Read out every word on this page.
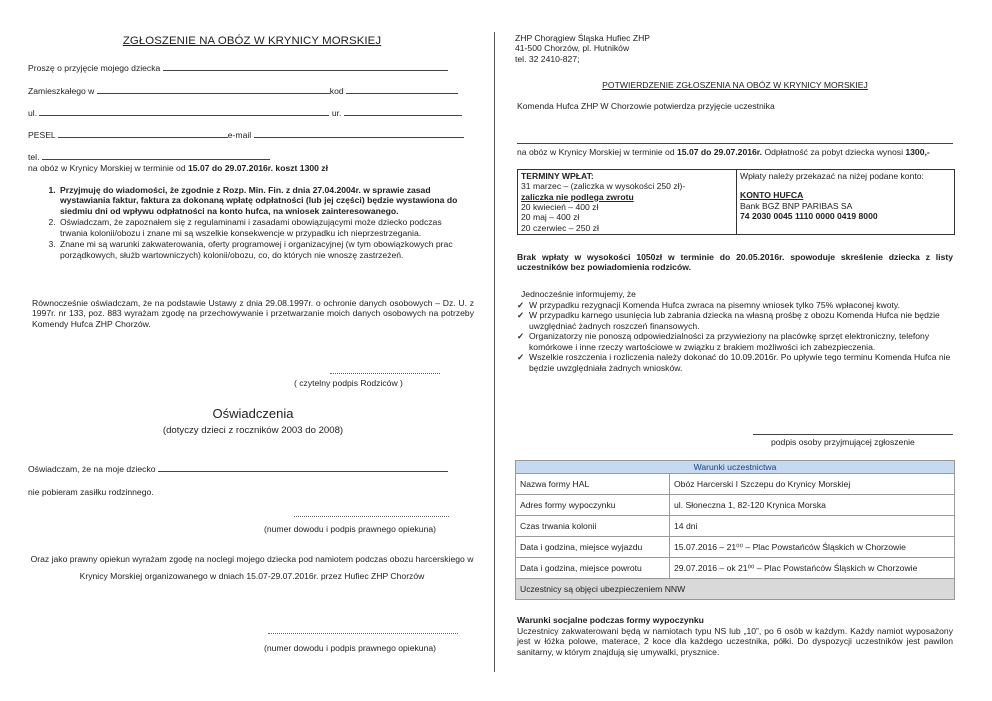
ZGŁOSZENIE NA OBÓZ W KRYNICY MORSKIEJ
Proszę o przyjęcie mojego dziecka
Zamieszkałego w	kod
ul.	ur.
PESEL	e-mail
tel.
na obóz w Krynicy Morskiej w terminie od 15.07 do 29.07.2016r. koszt 1300 zł
1. Przyjmuję do wiadomości, że zgodnie z Rozp. Min. Fin. z dnia 27.04.2004r. w sprawie zasad wystawiania faktur, faktura za dokonaną wpłatę odpłatności (lub jej części) będzie wystawiona do siedmiu dni od wpływu odpłatności na konto hufca, na wniosek zainteresowanego.
2. Oświadczam, że zapoznałem się z regulaminami i zasadami obowiązującymi może dziecko podczas trwania kolonii/obozu i znane mi są wszelkie konsekwencje w przypadku ich nieprzestrzegania.
3. Znane mi są warunki zakwaterowania, oferty programowej i organizacyjnej (w tym obowiązkowych prac porządkowych, służb wartowniczych) kolonii/obozu, co, do których nie wnoszę zastrzeżeń.
Równocześnie oświadczam, że na podstawie Ustawy z dnia 29.08.1997r. o ochronie danych osobowych – Dz. U. z 1997r. nr 133, poz. 883 wyrażam zgodę na przechowywanie i przetwarzanie moich danych osobowych na potrzeby Komendy Hufca ZHP Chorzów.
( czytelny podpis Rodziców )
Oświadczenia
(dotyczy dzieci z roczników 2003 do 2008)
Oświadczam, że na moje dziecko
nie pobieram zasiłku rodzinnego.
(numer dowodu i podpis prawnego opiekuna)
Oraz jako prawny opiekun wyrażam zgodę na noclegi mojego dziecka pod namiotem podczas obozu harcerskiego w Krynicy Morskiej organizowanego w dniach 15.07-29.07.2016r. przez Hufiec ZHP Chorzów
(numer dowodu i podpis prawnego opiekuna)
ZHP Chorągiew Śląska Hufiec ZHP
41-500 Chorzów, pl. Hutników
tel. 32 2410-827;
POTWIERDZENIE ZGŁOSZENIA NA OBÓZ W KRYNICY MORSKIEJ
Komenda Hufca ZHP W Chorzowie potwierdza przyjęcie uczestnika
na obóz w Krynicy Morskiej w terminie od 15.07 do 29.07.2016r. Odpłatność za pobyt dziecka wynosi 1300,-
TERMINY WPŁAT:
31 marzec – (zaliczka w wysokości 250 zł)-
zaliczka nie podlega zwrotu
20 kwiecień – 400 zł
20 maj – 400 zł
20 czerwiec – 250 zł

Wpłaty należy przekazać na niżej podane konto:
KONTO HUFCA
Bank BGŻ BNP PARIBAS SA
74 2030 0045 1110 0000 0419 8000
Brak wpłaty w wysokości 1050zł w terminie do 20.05.2016r. spowoduje skreślenie dziecka z listy uczestników bez powiadomienia rodziców.
Jednocześnie informujemy, że
✓ W przypadku rezygnacji Komenda Hufca zwraca na pisemny wniosek tylko 75% wpłaconej kwoty.
✓ W przypadku karnego usunięcia lub zabrania dziecka na własną prośbę z obozu Komenda Hufca nie będzie uwzględniać żadnych roszczeń finansowych.
✓ Organizatorzy nie ponoszą odpowiedzialności za przywieziony na placówkę sprzęt elektroniczny, telefony komórkowe i inne rzeczy wartościowe w związku z brakiem możliwości ich zabezpieczenia.
✓ Wszelkie roszczenia i rozliczenia należy dokonać do 10.09.2016r. Po upływie tego terminu Komenda Hufca nie będzie uwzględniała żadnych wniosków.
podpis osoby przyjmującej zgłoszenie
Warunki uczestnictwa	
Nazwa formy HAL	Obóz Harcerski I Szczepu do Krynicy Morskiej
Adres formy wypoczynku	ul. Słoneczna 1, 82-120 Krynica Morska
Czas trwania kolonii	14 dni
Data i godzina, miejsce wyjazdu	15.07.2016 – 21⁰⁰ – Plac Powstańców Śląskich w Chorzowie
Data i godzina, miejsce powrotu	29.07.2016 – ok 21⁰⁰ – Plac Powstańców Śląskich w Chorzowie
Uczestnicy są objęci ubezpieczeniem NNW	
Warunki socjalne podczas formy wypoczynku
Uczestnicy zakwaterowani będą w namiotach typu NS lub „10”, po 6 osób w każdym. Każdy namiot wyposażony jest w łóżka polowe, materace, 2 koce dla każdego uczestnika, półki. Do dyspozycji uczestników jest pawilon sanitarny, w którym znajdują się umywalki, prysznice.
